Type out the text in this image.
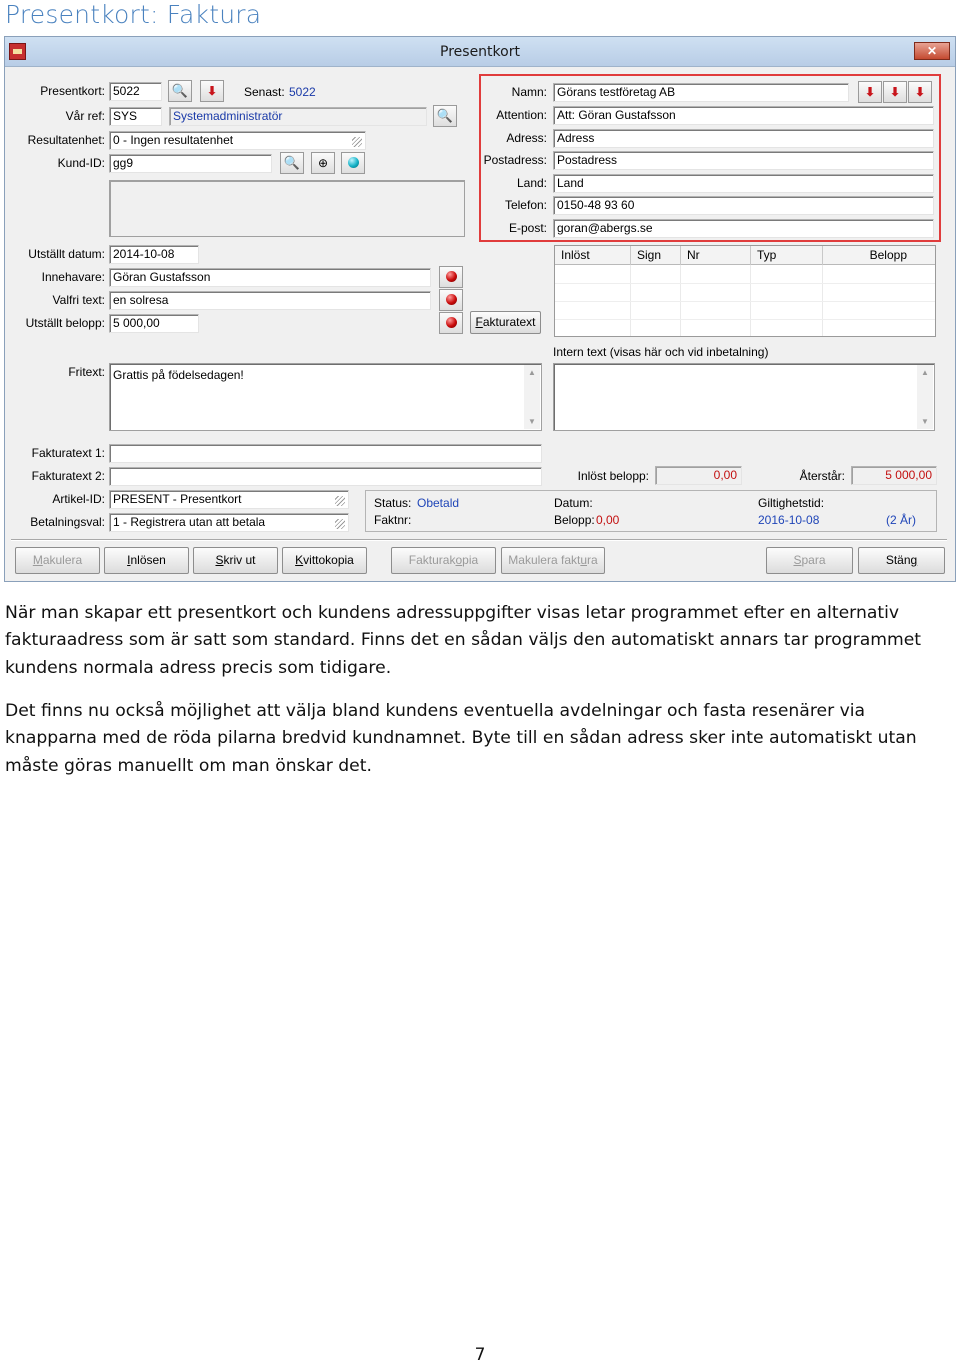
Presentkort: Faktura
Presentkort	✕
Presentkort: 5022	🔍	⬇	Senast: 5022
Vår ref: SYS	Systemadministratör	🔍
Resultatenhet: 0 - Ingen resultatenhet
Kund-ID: gg9	🔍	⊕
Utställt datum: 2014-10-08
Innehavare: Göran Gustafsson
Valfri text: en solresa
Utställt belopp: 5 000,00	Fakturatext
Fritext: Grattis på födelsedagen!	▲
▼
Fakturatext 1:
Fakturatext 2:
Artikel-ID: PRESENT - Presentkort
Betalningsval: 1 - Registrera utan att betala
Namn: Görans testföretag AB	⬇	⬇	⬇
Attention: Att: Göran Gustafsson
Adress: Adress
Postadress: Postadress
Land: Land
Telefon: 0150-48 93 60
E-post: goran@abergs.se
Inlöst	Sign	Nr	Typ	Belopp
Intern text (visas här och vid inbetalning)
▲
▼
Inlöst belopp:	0,00	Återstår:	5 000,00
Status: Obetald
Faktnr:
Datum:
Belopp: 0,00
Giltighetstid:
2016-10-08	(2 År)
Makulera	Inlösen	Skriv ut	Kvittokopia	Fakturakopia	Makulera faktura	Spara	Stäng

När man skapar ett presentkort och kundens adressuppgifter visas letar programmet efter en alternativ fakturaadress som är satt som standard. Finns det en sådan väljs den automatiskt annars tar programmet kundens normala adress precis som tidigare.

Det finns nu också möjlighet att välja bland kundens eventuella avdelningar och fasta resenärer via knapparna med de röda pilarna bredvid kundnamnet. Byte till en sådan adress sker inte automatiskt utan måste göras manuellt om man önskar det.

7
